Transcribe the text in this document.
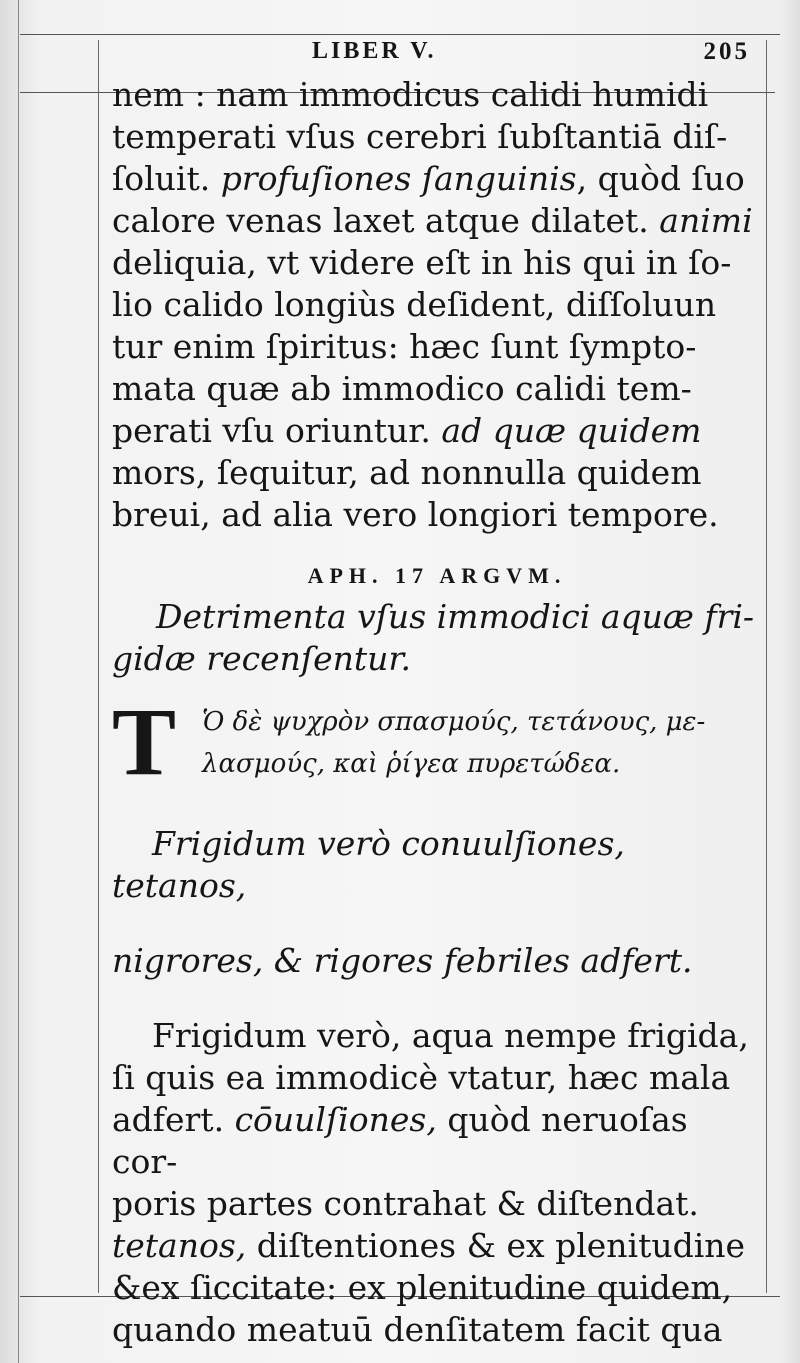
LIBER V.	205

nem : nam immodicus calidi humidi

temperati vſus cerebri ſubſtantiā diſ-

ſoluit. profuſiones ſanguinis, quòd ſuo

calore venas laxet atque dilatet. animi

deliquia, vt videre eſt in his qui in ſo-

lio calido longiùs deſident, diſſoluun

tur enim ſpiritus: hæc ſunt ſympto-

mata quæ ab immodico calidi tem-

perati vſu oriuntur. ad quæ quidem

mors, ſequitur, ad nonnulla quidem

breui, ad alia vero longiori tempore.

APH. 17 ARGVM.
Detrimenta vſus immodici aquæ fri-
gidæ recenſentur.
T Ὁ δὲ ψυχρὸν σπασμούς, τετάνους, με-
λασμούς, καὶ ῥίγεα πυρετώδεα.

Frigidum verò conuulſiones, tetanos,

nigrores, & rigores febriles adfert.

Frigidum verò, aqua nempe frigida,

ſi quis ea immodicè vtatur, hæc mala

adfert. cōuulſiones, quòd neruoſas cor-

poris partes contrahat & diſtendat.

tetanos, diſtentiones & ex plenitudine

&ex ſiccitate: ex plenitudine quidem,

quando meatuū denſitatem facit qua
